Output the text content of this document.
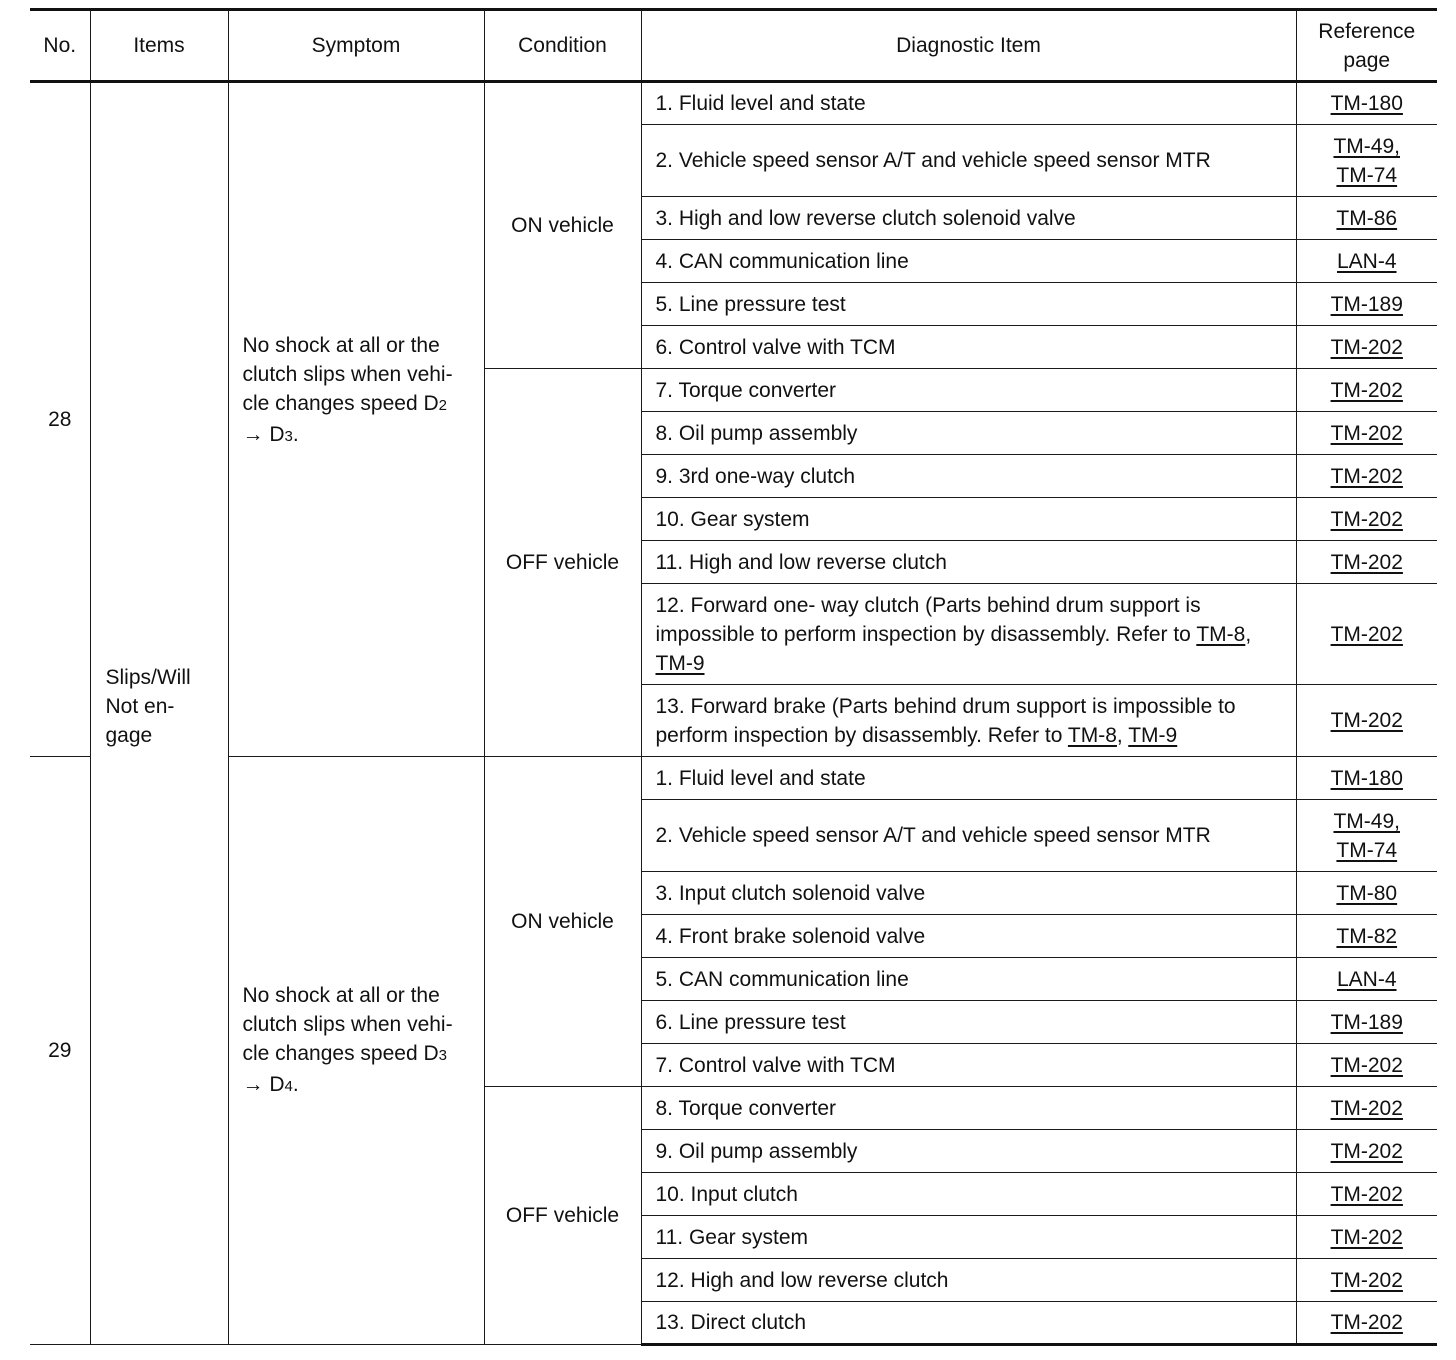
No.	Items	Symptom	Condition	Diagnostic Item	Reference
page
28	Slips/Will
Not en-
gage	No shock at all or the
clutch slips when vehi-
cle changes speed D2
→ D3.	ON vehicle	1. Fluid level and state	TM-180
				2. Vehicle speed sensor A/T and vehicle speed sensor MTR	TM-49,
TM-74
				3. High and low reverse clutch solenoid valve	TM-86
				4. CAN communication line	LAN-4
				5. Line pressure test	TM-189
				6. Control valve with TCM	TM-202
			OFF vehicle	7. Torque converter	TM-202
				8. Oil pump assembly	TM-202
				9. 3rd one-way clutch	TM-202
				10. Gear system	TM-202
				11. High and low reverse clutch	TM-202
				12. Forward one- way clutch (Parts behind drum support is impossible to perform inspection by disassembly. Refer to TM-8, TM-9	TM-202
				13. Forward brake (Parts behind drum support is impossible to perform inspection by disassembly. Refer to TM-8, TM-9	TM-202
29		No shock at all or the
clutch slips when vehi-
cle changes speed D3
→ D4.	ON vehicle	1. Fluid level and state	TM-180
				2. Vehicle speed sensor A/T and vehicle speed sensor MTR	TM-49,
TM-74
				3. Input clutch solenoid valve	TM-80
				4. Front brake solenoid valve	TM-82
				5. CAN communication line	LAN-4
				6. Line pressure test	TM-189
				7. Control valve with TCM	TM-202
			OFF vehicle	8. Torque converter	TM-202
				9. Oil pump assembly	TM-202
				10. Input clutch	TM-202
				11. Gear system	TM-202
				12. High and low reverse clutch	TM-202
				13. Direct clutch	TM-202
